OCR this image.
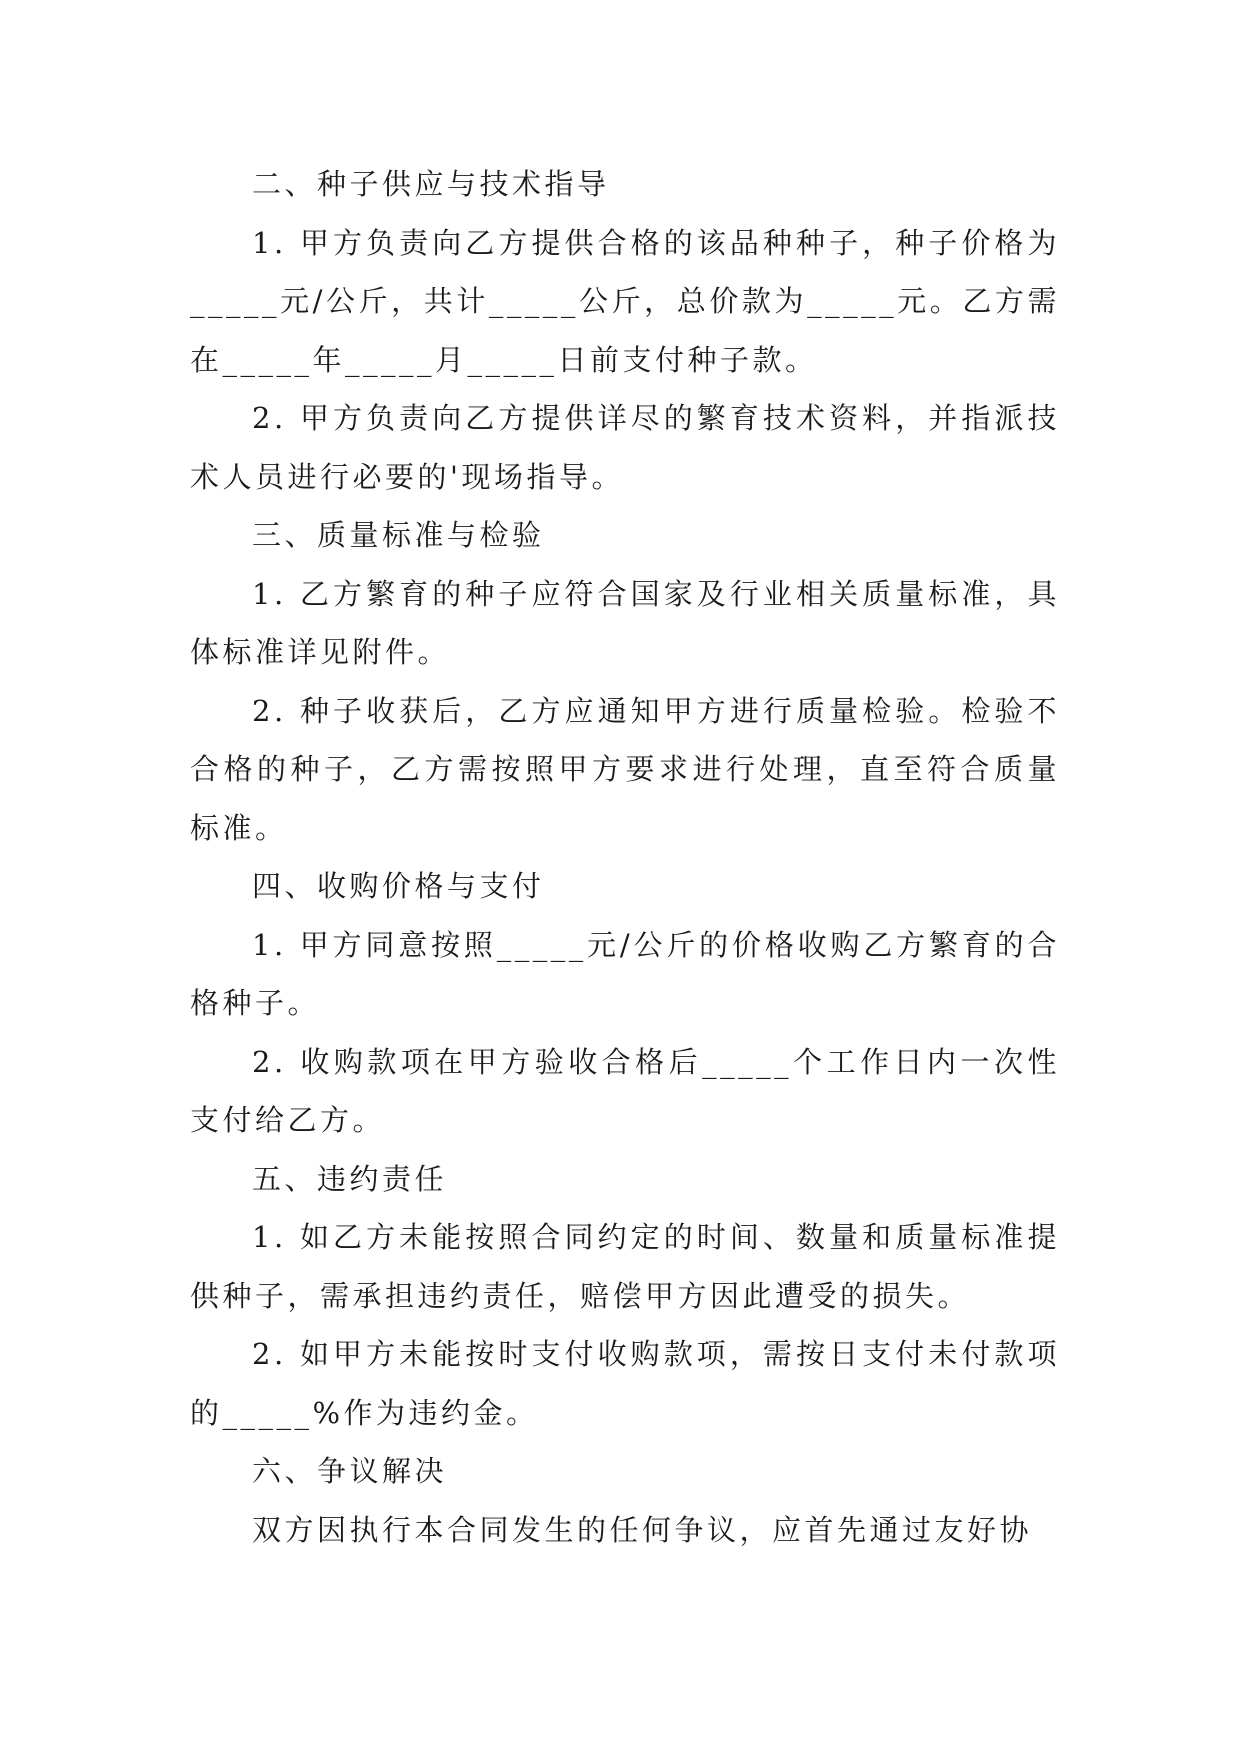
二、种子供应与技术指导

1. 甲方负责向乙方提供合格的该品种种子，种子价格为_____元/公斤，共计_____公斤，总价款为_____元。乙方需在_____年_____月_____日前支付种子款。

2. 甲方负责向乙方提供详尽的繁育技术资料，并指派技术人员进行必要的'现场指导。

三、质量标准与检验

1. 乙方繁育的种子应符合国家及行业相关质量标准，具体标准详见附件。

2. 种子收获后，乙方应通知甲方进行质量检验。检验不合格的种子，乙方需按照甲方要求进行处理，直至符合质量标准。

四、收购价格与支付

1. 甲方同意按照_____元/公斤的价格收购乙方繁育的合格种子。

2. 收购款项在甲方验收合格后_____个工作日内一次性支付给乙方。

五、违约责任

1. 如乙方未能按照合同约定的时间、数量和质量标准提供种子，需承担违约责任，赔偿甲方因此遭受的损失。

2. 如甲方未能按时支付收购款项，需按日支付未付款项的_____%作为违约金。

六、争议解决

双方因执行本合同发生的任何争议，应首先通过友好协
